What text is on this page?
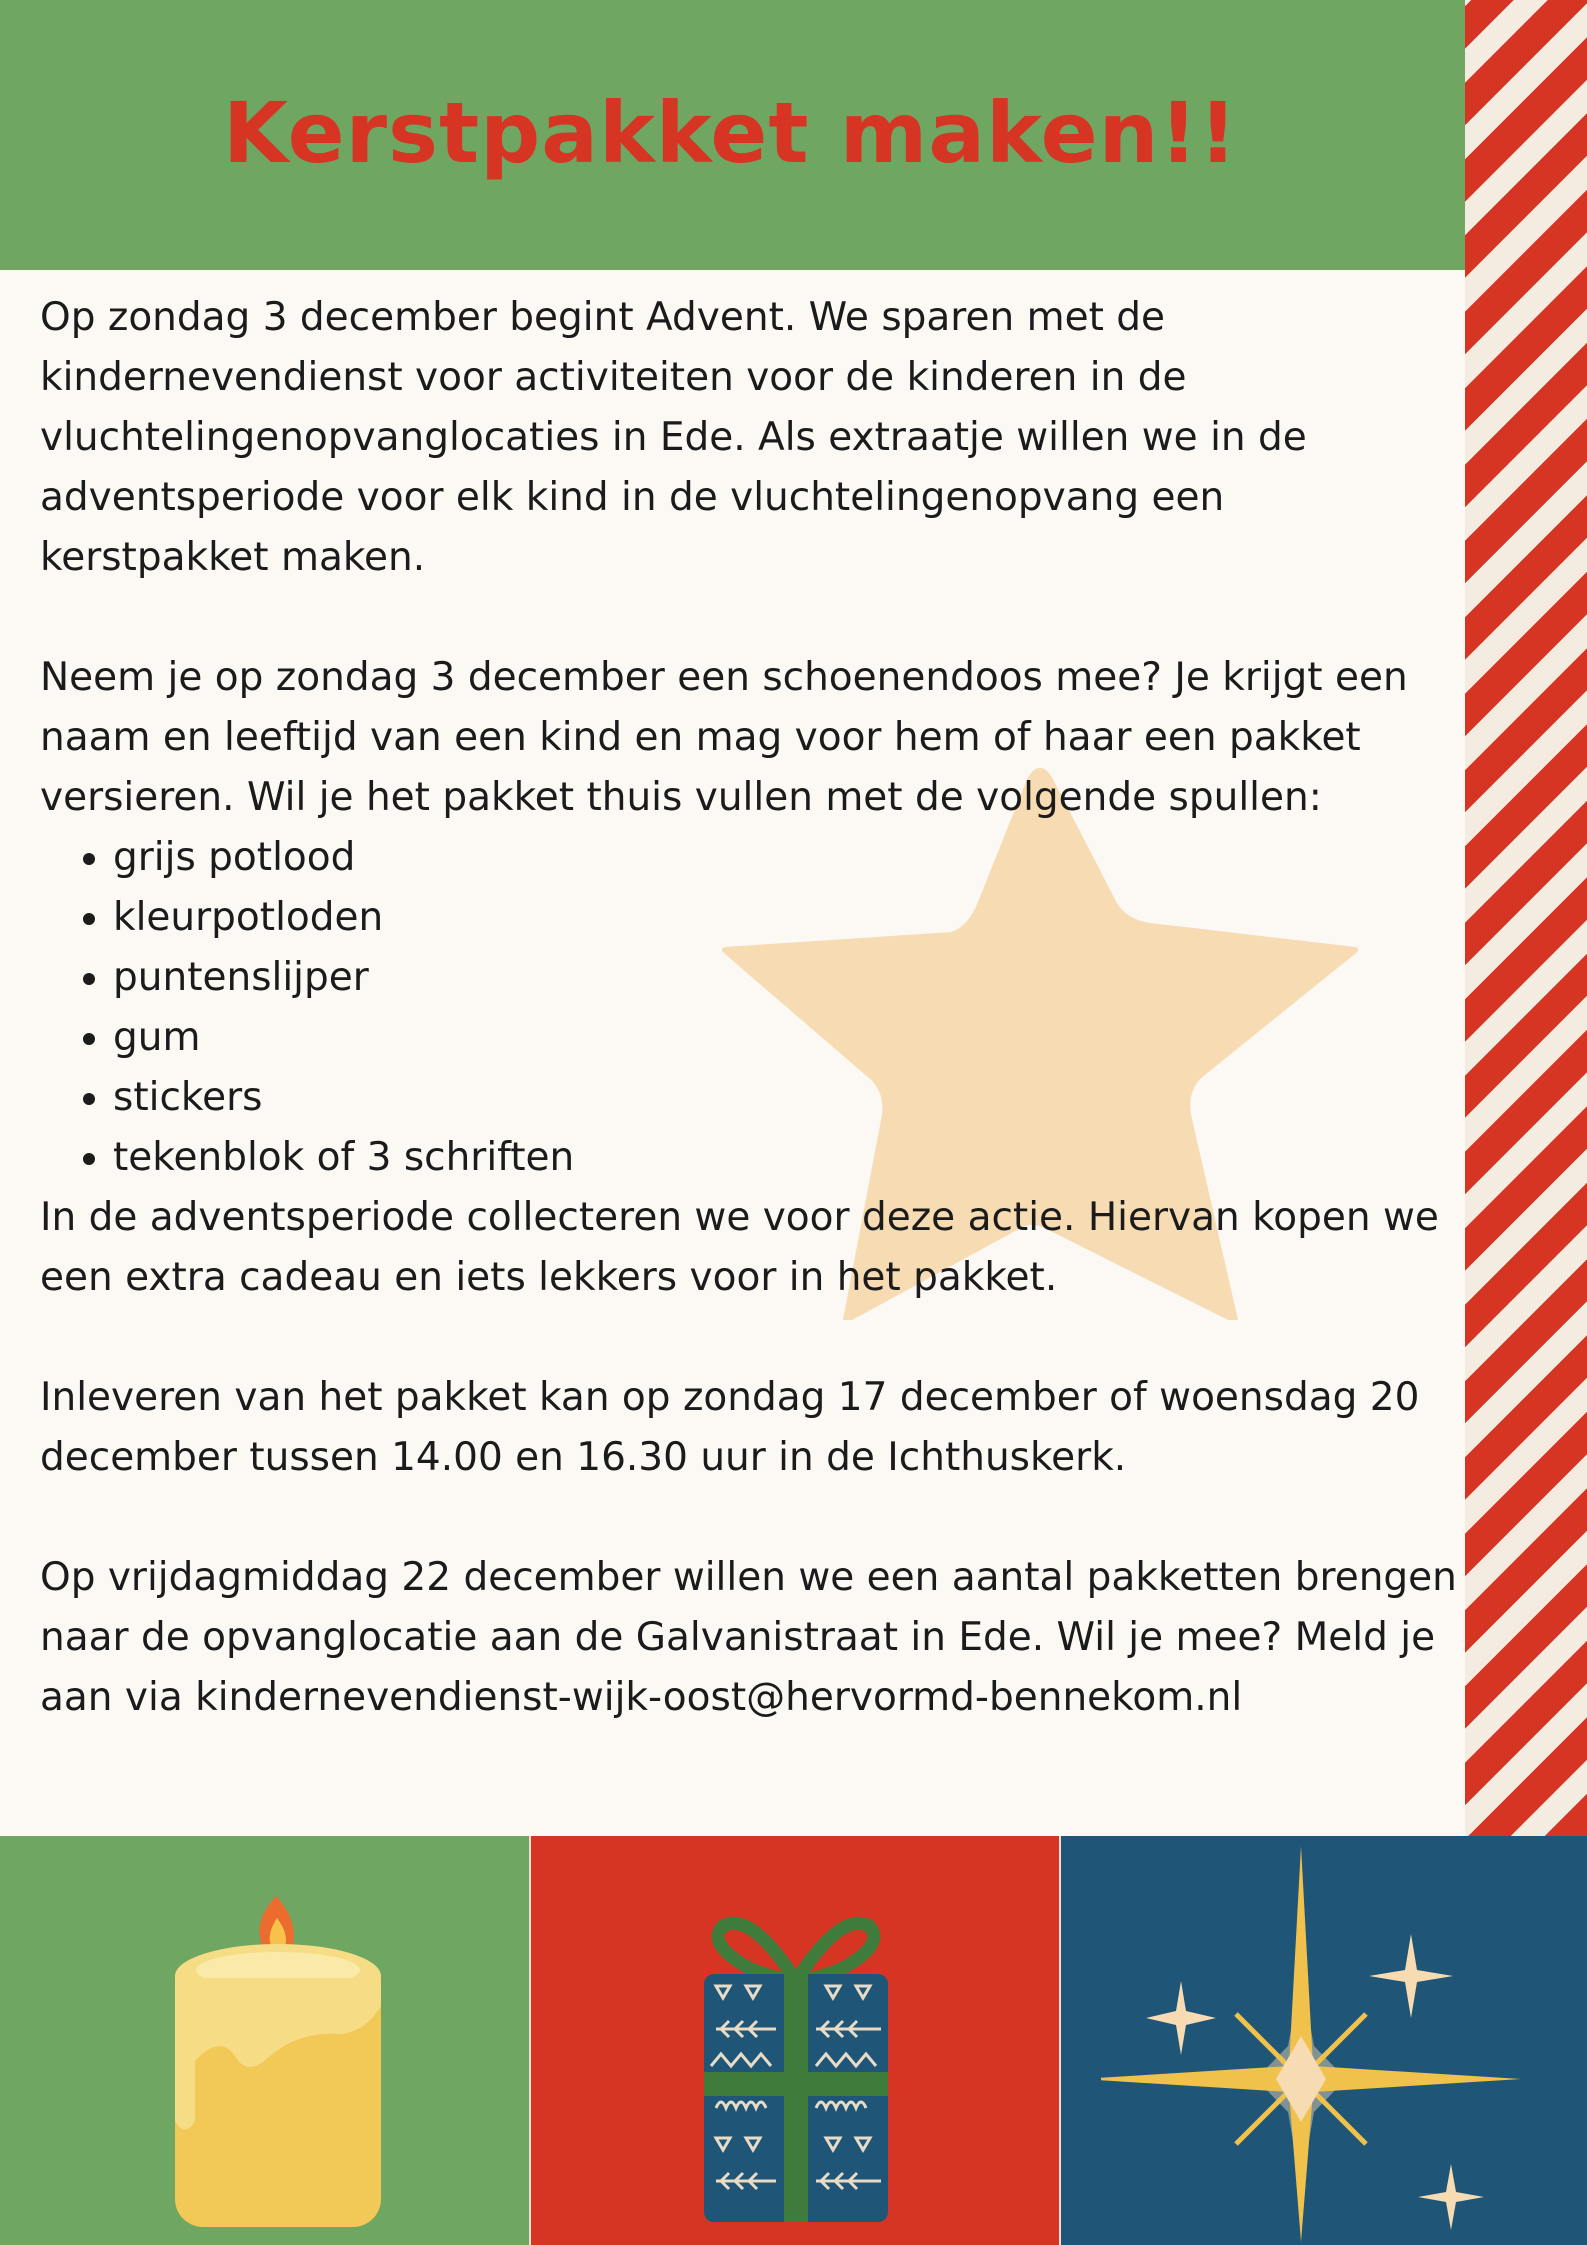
Kerstpakket maken!!

Op zondag 3 december begint Advent. We sparen met de kindernevendienst voor activiteiten voor de kinderen in de vluchtelingenopvanglocaties in Ede. Als extraatje willen we in de adventsperiode voor elk kind in de vluchtelingenopvang een kerstpakket maken.

Neem je op zondag 3 december een schoenendoos mee? Je krijgt een naam en leeftijd van een kind en mag voor hem of haar een pakket versieren. Wil je het pakket thuis vullen met de volgende spullen:

• grijs potlood
• kleurpotloden
• puntenslijper
• gum
• stickers
• tekenblok of 3 schriften

In de adventsperiode collecteren we voor deze actie. Hiervan kopen we een extra cadeau en iets lekkers voor in het pakket.

Inleveren van het pakket kan op zondag 17 december of woensdag 20 december tussen 14.00 en 16.30 uur in de Ichthuskerk.

Op vrijdagmiddag 22 december willen we een aantal pakketten brengen naar de opvanglocatie aan de Galvanistraat in Ede. Wil je mee? Meld je aan via kindernevendienst-wijk-oost@hervormd-bennekom.nl
